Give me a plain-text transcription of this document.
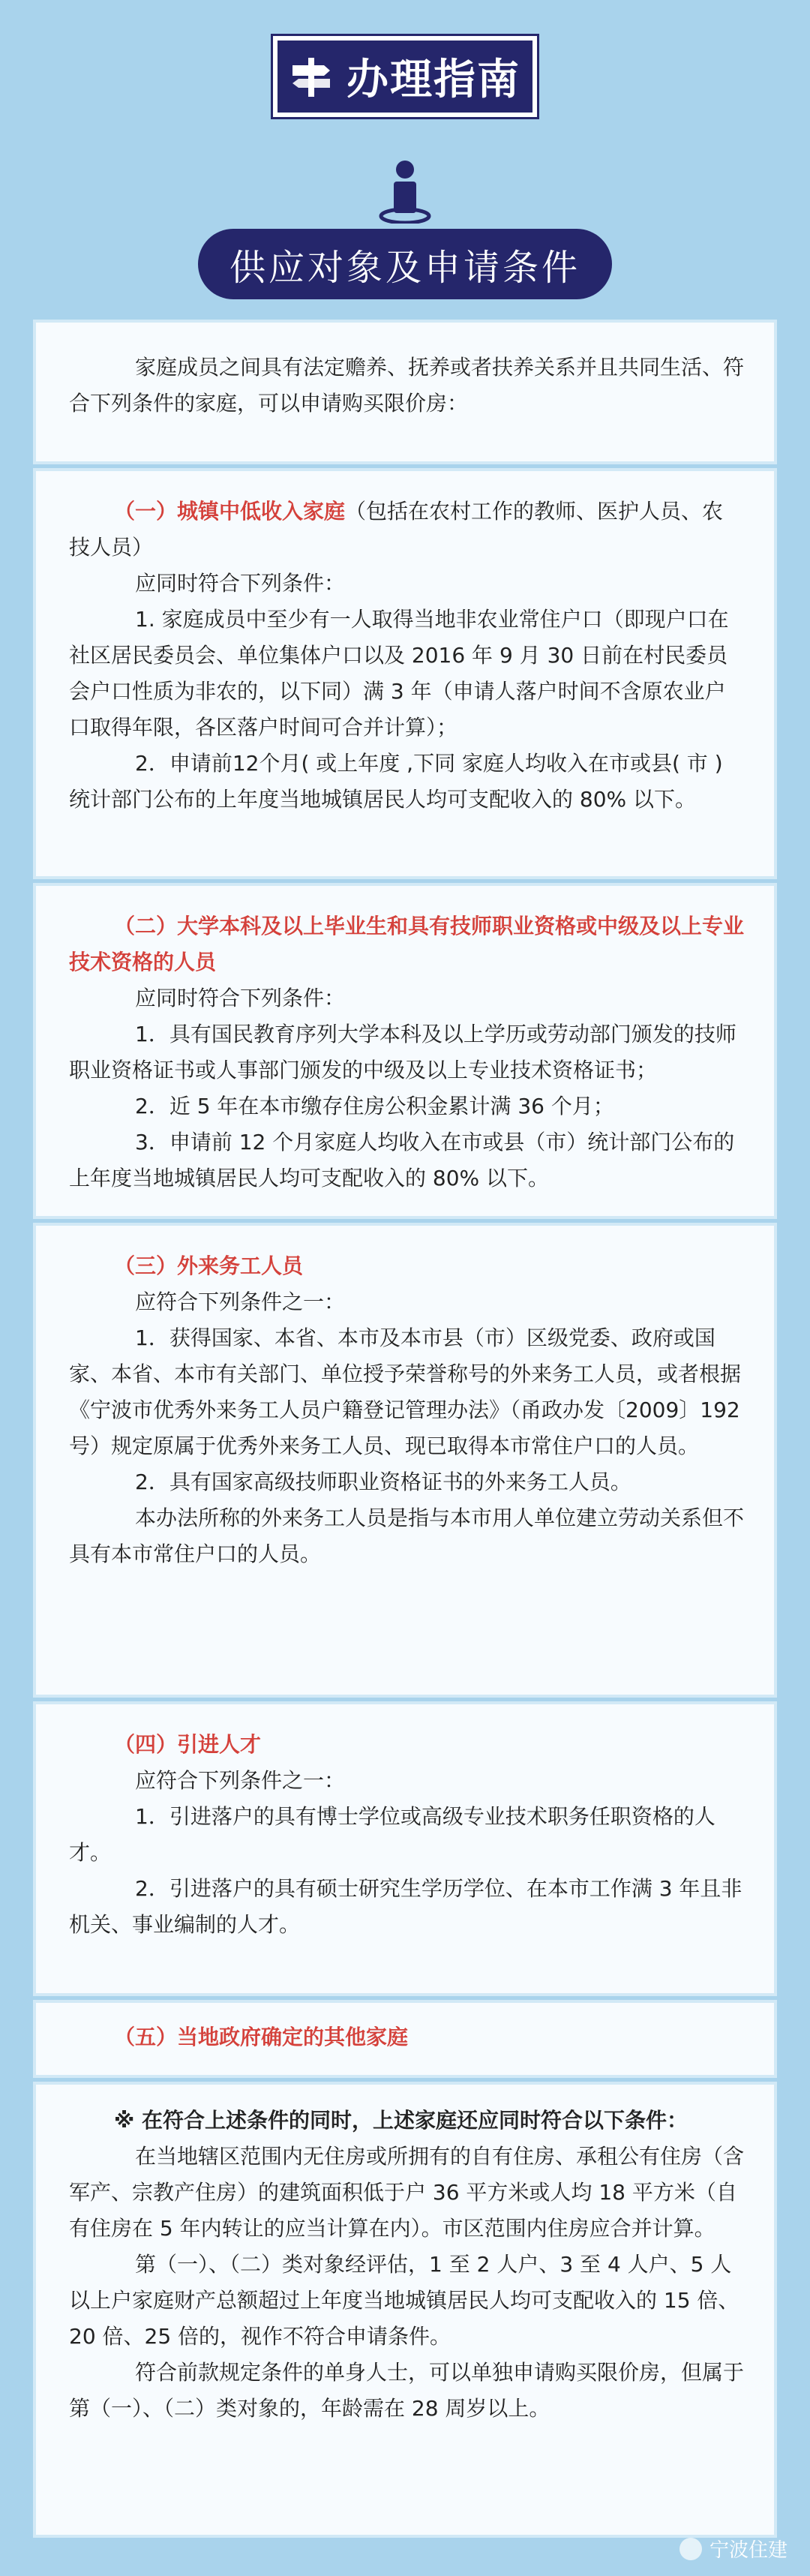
办理指南
供应对象及申请条件

家庭成员之间具有法定赡养、抚养或者扶养关系并且共同生活、符合下列条件的家庭，可以申请购买限价房：

（一）城镇中低收入家庭（包括在农村工作的教师、医护人员、农技人员）

应同时符合下列条件：

1. 家庭成员中至少有一人取得当地非农业常住户口（即现户口在社区居民委员会、单位集体户口以及 2016 年 9 月 30 日前在村民委员会户口性质为非农的，以下同）满 3 年（申请人落户时间不含原农业户口取得年限，各区落户时间可合并计算）；

2．申请前12个月( 或上年度 ,下同 家庭人均收入在市或县( 市 ) 统计部门公布的上年度当地城镇居民人均可支配收入的 80% 以下。

（二）大学本科及以上毕业生和具有技师职业资格或中级及以上专业技术资格的人员

应同时符合下列条件：

1．具有国民教育序列大学本科及以上学历或劳动部门颁发的技师职业资格证书或人事部门颁发的中级及以上专业技术资格证书；

2．近 5 年在本市缴存住房公积金累计满 36 个月；

3．申请前 12 个月家庭人均收入在市或县（市）统计部门公布的上年度当地城镇居民人均可支配收入的 80% 以下。

（三）外来务工人员

应符合下列条件之一：

1．获得国家、本省、本市及本市县（市）区级党委、政府或国家、本省、本市有关部门、单位授予荣誉称号的外来务工人员，或者根据《宁波市优秀外来务工人员户籍登记管理办法》（甬政办发〔2009〕192 号）规定原属于优秀外来务工人员、现已取得本市常住户口的人员。

2．具有国家高级技师职业资格证书的外来务工人员。

本办法所称的外来务工人员是指与本市用人单位建立劳动关系但不具有本市常住户口的人员。

（四）引进人才

应符合下列条件之一：

1．引进落户的具有博士学位或高级专业技术职务任职资格的人才。

2．引进落户的具有硕士研究生学历学位、在本市工作满 3 年且非机关、事业编制的人才。

（五）当地政府确定的其他家庭

※ 在符合上述条件的同时，上述家庭还应同时符合以下条件：

在当地辖区范围内无住房或所拥有的自有住房、承租公有住房（含军产、宗教产住房）的建筑面积低于户 36 平方米或人均 18 平方米（自有住房在 5 年内转让的应当计算在内）。市区范围内住房应合并计算。

第（一）、（二）类对象经评估，1 至 2 人户、3 至 4 人户、5 人以上户家庭财产总额超过上年度当地城镇居民人均可支配收入的 15 倍、20 倍、25 倍的，视作不符合申请条件。

符合前款规定条件的单身人士，可以单独申请购买限价房，但属于第（一）、（二）类对象的，年龄需在 28 周岁以上。

宁波住建
